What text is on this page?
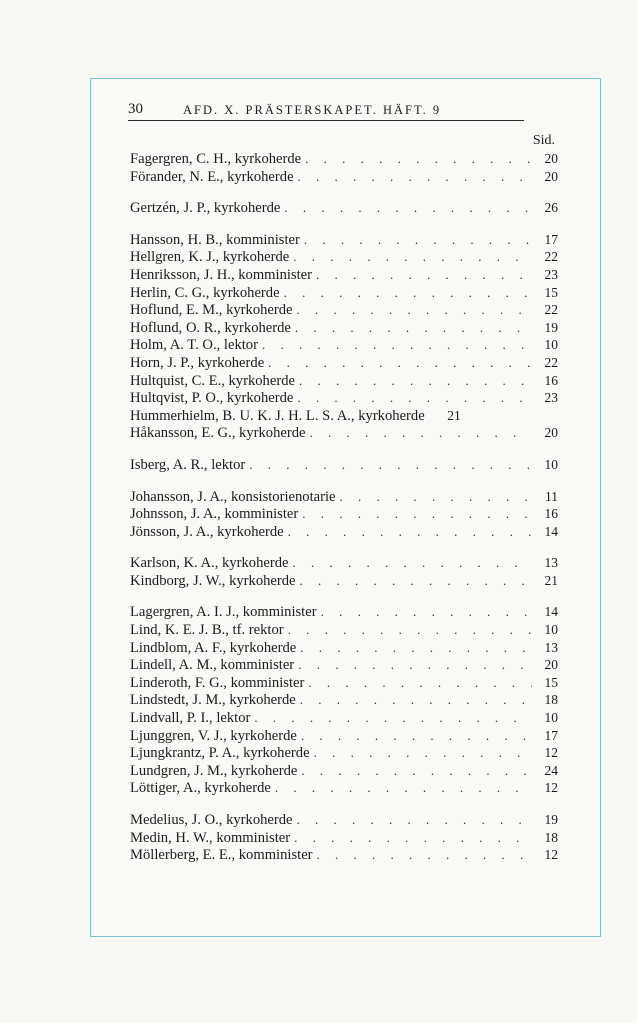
30	AFD. X. PRÄSTERSKAPET. HÄFT. 9
Sid.
Fagergren, C. H., kyrkoherde . . .	20
Förander, N. E., kyrkoherde . . .	20
Gertzén, J. P., kyrkoherde . . .	26
Hansson, H. B., komminister . . .	17
Hellgren, K. J., kyrkoherde . . .	22
Henriksson, J. H., komminister . . .	23
Herlin, C. G., kyrkoherde . . .	15
Hoflund, E. M., kyrkoherde . . .	22
Hoflund, O. R., kyrkoherde . . .	19
Holm, A. T. O., lektor . . .	10
Horn, J. P., kyrkoherde . . .	22
Hultquist, C. E., kyrkoherde . . .	16
Hultqvist, P. O., kyrkoherde . . .	23
Hummerhielm, B. U. K. J. H. L. S. A., kyrkoherde	21
Håkansson, E. G., kyrkoherde . . .	20
Isberg, A. R., lektor . . .	10
Johansson, J. A., konsistorienotarie . . .	11
Johnsson, J. A., komminister . . .	16
Jönsson, J. A., kyrkoherde . . .	14
Karlson, K. A., kyrkoherde . . .	13
Kindborg, J. W., kyrkoherde . . .	21
Lagergren, A. I. J., komminister . . .	14
Lind, K. E. J. B., tf. rektor . . .	10
Lindblom, A. F., kyrkoherde . . .	13
Lindell, A. M., komminister . . .	20
Linderoth, F. G., komminister . . .	15
Lindstedt, J. M., kyrkoherde . . .	18
Lindvall, P. I., lektor . . .	10
Ljunggren, V. J., kyrkoherde . . .	17
Ljungkrantz, P. A., kyrkoherde . . .	12
Lundgren, J. M., kyrkoherde . . .	24
Löttiger, A., kyrkoherde . . .	12
Medelius, J. O., kyrkoherde . . .	19
Medin, H. W., komminister . . .	18
Möllerberg, E. E., komminister . . .	12
